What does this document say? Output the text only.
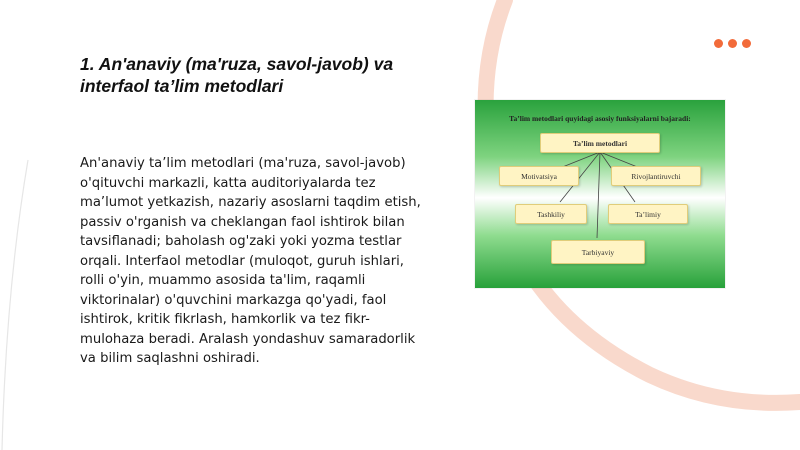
1. An'anaviy (ma'ruza, savol-javob) va interfaol ta’lim metodlari

An'anaviy ta’lim metodlari (ma'ruza, savol-javob) o'qituvchi markazli, katta auditoriyalarda tez ma’lumot yetkazish, nazariy asoslarni taqdim etish, passiv o'rganish va cheklangan faol ishtirok bilan tavsiflanadi; baholash og'zaki yoki yozma testlar orqali. Interfaol metodlar (muloqot, guruh ishlari, rolli o'yin, muammo asosida ta'lim, raqamli viktorinalar) o'quvchini markazga qo'yadi, faol ishtirok, kritik fikrlash, hamkorlik va tez fikr-mulohaza beradi. Aralash yondashuv samaradorlik va bilim saqlashni oshiradi.

Ta’lim metodlari quyidagi asosiy funksiyalarni bajaradi:
Ta’lim metodlari
Motivatsiya	Rivojlantiruvchi
Tashkiliy	Ta’limiy
Tarbiyaviy
